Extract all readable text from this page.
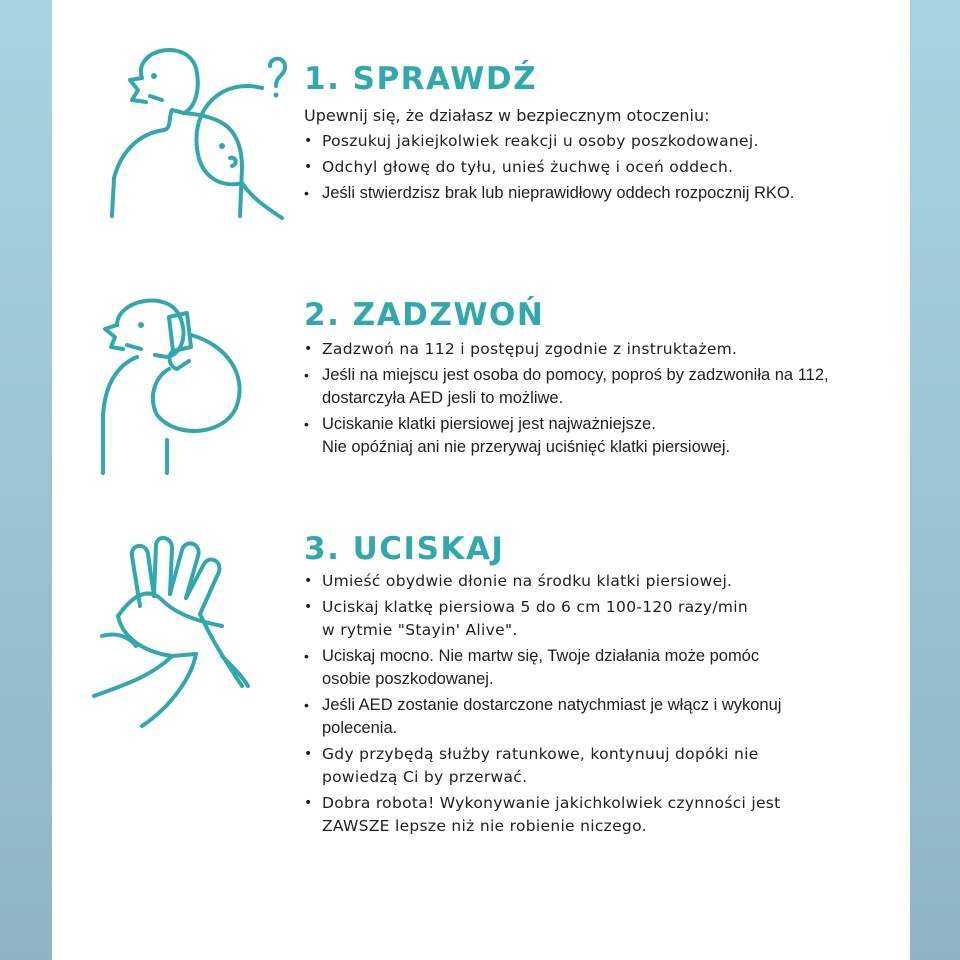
1. SPRAWDŹ
Upewnij się, że działasz w bezpiecznym otoczeniu:
• Poszukuj jakiejkolwiek reakcji u osoby poszkodowanej.
• Odchyl głowę do tyłu, unieś żuchwę i oceń oddech.
• Jeśli stwierdzisz brak lub nieprawidłowy oddech rozpocznij RKO.
2. ZADZWOŃ
• Zadzwoń na 112 i postępuj zgodnie z instruktażem.
• Jeśli na miejscu jest osoba do pomocy, poproś by zadzwoniła na 112,
dostarczyła AED jesli to możliwe.
• Uciskanie klatki piersiowej jest najważniejsze.
Nie opóźniaj ani nie przerywaj uciśnięć klatki piersiowej.
3. UCISKAJ
• Umieść obydwie dłonie na środku klatki piersiowej.
• Uciskaj klatkę piersiowa 5 do 6 cm 100-120 razy/min
w rytmie "Stayin' Alive".
• Uciskaj mocno. Nie martw się, Twoje działania może pomóc
osobie poszkodowanej.
• Jeśli AED zostanie dostarczone natychmiast je włącz i wykonuj
polecenia.
• Gdy przybędą służby ratunkowe, kontynuuj dopóki nie
powiedzą Ci by przerwać.
• Dobra robota! Wykonywanie jakichkolwiek czynności jest
ZAWSZE lepsze niż nie robienie niczego.
